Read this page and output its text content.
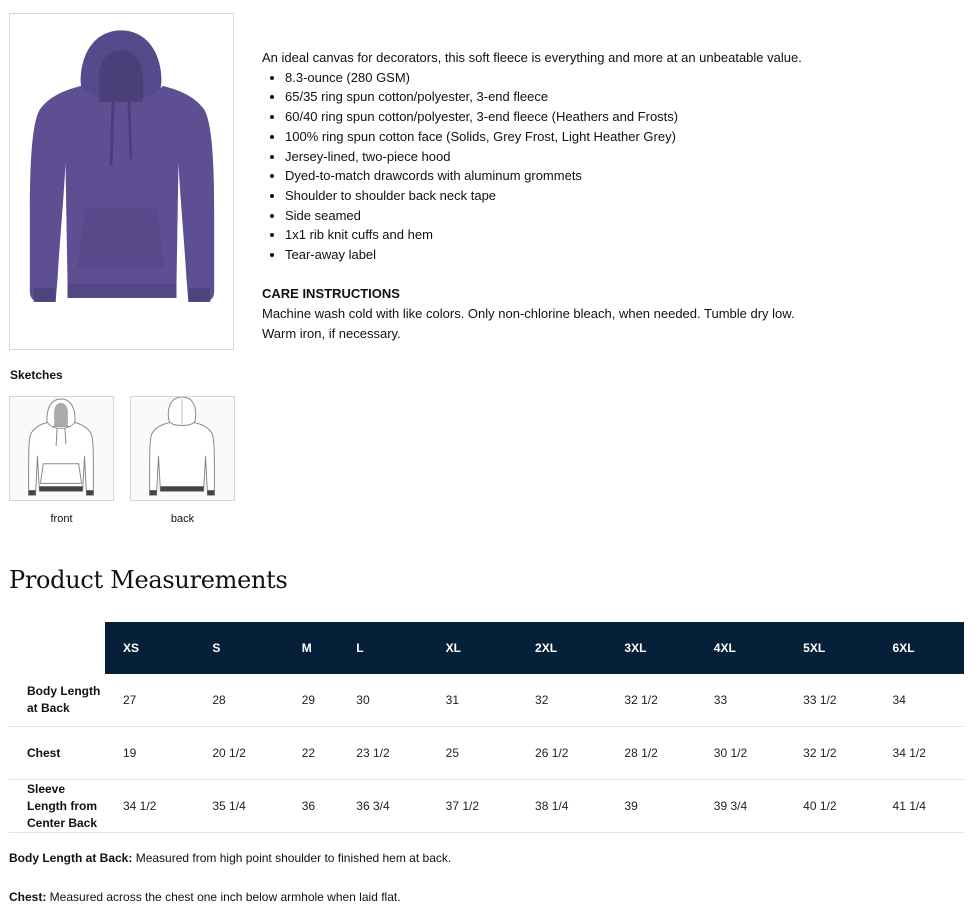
An ideal canvas for decorators, this soft fleece is everything and more at an unbeatable value.

• 8.3-ounce (280 GSM)
• 65/35 ring spun cotton/polyester, 3-end fleece
• 60/40 ring spun cotton/polyester, 3-end fleece (Heathers and Frosts)
• 100% ring spun cotton face (Solids, Grey Frost, Light Heather Grey)
• Jersey-lined, two-piece hood
• Dyed-to-match drawcords with aluminum grommets
• Shoulder to shoulder back neck tape
• Side seamed
• 1x1 rib knit cuffs and hem
• Tear-away label

CARE INSTRUCTIONS

Machine wash cold with like colors. Only non-chlorine bleach, when needed. Tumble dry low. Warm iron, if necessary.

Sketches
front	back
Product Measurements
	XS	S	M	L	XL	2XL	3XL	4XL	5XL	6XL
Body Length at Back	27	28	29	30	31	32	32 1/2	33	33 1/2	34
Chest	19	20 1/2	22	23 1/2	25	26 1/2	28 1/2	30 1/2	32 1/2	34 1/2
Sleeve Length from Center Back	34 1/2	35 1/4	36	36 3/4	37 1/2	38 1/4	39	39 3/4	40 1/2	41 1/4

Body Length at Back: Measured from high point shoulder to finished hem at back.

Chest: Measured across the chest one inch below armhole when laid flat.
